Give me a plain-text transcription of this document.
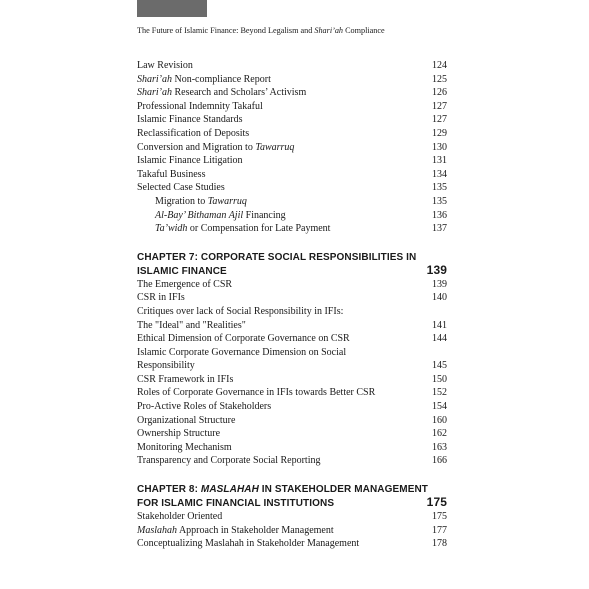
The Future of Islamic Finance: Beyond Legalism and Shari’ah Compliance
Law Revision	124
Shari’ah Non-compliance Report	125
Shari’ah Research and Scholars’ Activism	126
Professional Indemnity Takaful	127
Islamic Finance Standards	127
Reclassification of Deposits	129
Conversion and Migration to Tawarruq	130
Islamic Finance Litigation	131
Takaful Business	134
Selected Case Studies	135
Migration to Tawarruq	135
Al-Bay’ Bithaman Ajil Financing	136
Ta’widh or Compensation for Late Payment	137
CHAPTER 7: CORPORATE SOCIAL RESPONSIBILITIES IN
ISLAMIC FINANCE	139
The Emergence of CSR	139
CSR in IFIs	140
Critiques over lack of Social Responsibility in IFIs:
The "Ideal" and "Realities"	141
Ethical Dimension of Corporate Governance on CSR	144
Islamic Corporate Governance Dimension on Social
Responsibility	145
CSR Framework in IFIs	150
Roles of Corporate Governance in IFIs towards Better CSR	152
Pro-Active Roles of Stakeholders	154
Organizational Structure	160
Ownership Structure	162
Monitoring Mechanism	163
Transparency and Corporate Social Reporting	166
CHAPTER 8: MASLAHAH IN STAKEHOLDER MANAGEMENT
FOR ISLAMIC FINANCIAL INSTITUTIONS	175
Stakeholder Oriented	175
Maslahah Approach in Stakeholder Management	177
Conceptualizing Maslahah in Stakeholder Management	178
